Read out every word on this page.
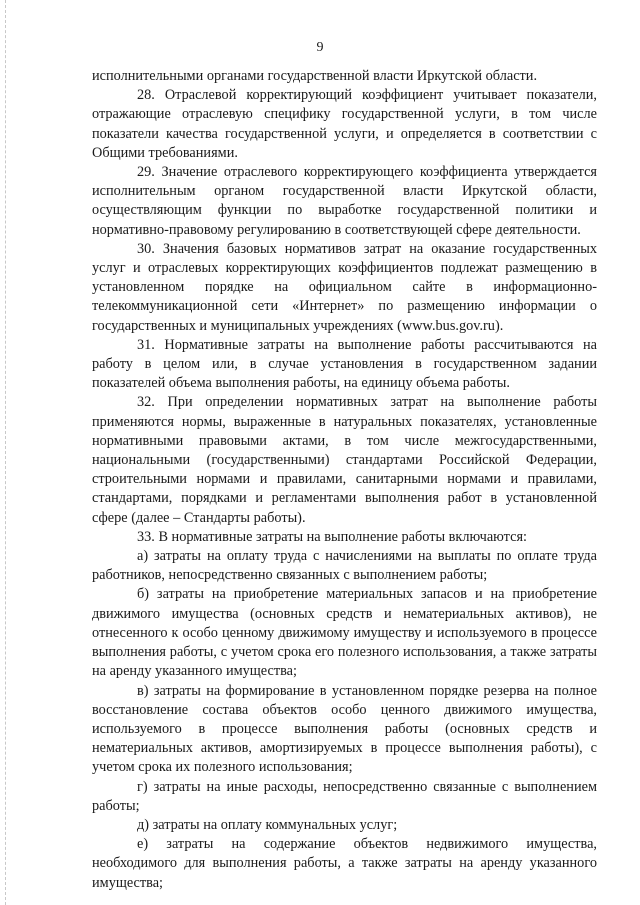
9

исполнительными органами государственной власти Иркутской области.

28. Отраслевой корректирующий коэффициент учитывает показатели, отражающие отраслевую специфику государственной услуги, в том числе показатели качества государственной услуги, и определяется в соответствии с Общими требованиями.

29. Значение отраслевого корректирующего коэффициента утверждается исполнительным органом государственной власти Иркутской области, осуществляющим функции по выработке государственной политики и нормативно-правовому регулированию в соответствующей сфере деятельности.

30. Значения базовых нормативов затрат на оказание государственных услуг и отраслевых корректирующих коэффициентов подлежат размещению в установленном порядке на официальном сайте в информационно-телекоммуникационной сети «Интернет» по размещению информации о государственных и муниципальных учреждениях (www.bus.gov.ru).

31. Нормативные затраты на выполнение работы рассчитываются на работу в целом или, в случае установления в государственном задании показателей объема выполнения работы, на единицу объема работы.

32. При определении нормативных затрат на выполнение работы применяются нормы, выраженные в натуральных показателях, установленные нормативными правовыми актами, в том числе межгосударственными, национальными (государственными) стандартами Российской Федерации, строительными нормами и правилами, санитарными нормами и правилами, стандартами, порядками и регламентами выполнения работ в установленной сфере (далее – Стандарты работы).

33. В нормативные затраты на выполнение работы включаются:

а) затраты на оплату труда с начислениями на выплаты по оплате труда работников, непосредственно связанных с выполнением работы;

б) затраты на приобретение материальных запасов и на приобретение движимого имущества (основных средств и нематериальных активов), не отнесенного к особо ценному движимому имуществу и используемого в процессе выполнения работы, с учетом срока его полезного использования, а также затраты на аренду указанного имущества;

в) затраты на формирование в установленном порядке резерва на полное восстановление состава объектов особо ценного движимого имущества, используемого в процессе выполнения работы (основных средств и нематериальных активов, амортизируемых в процессе выполнения работы), с учетом срока их полезного использования;

г) затраты на иные расходы, непосредственно связанные с выполнением работы;

д) затраты на оплату коммунальных услуг;

е) затраты на содержание объектов недвижимого имущества, необходимого для выполнения работы, а также затраты на аренду указанного имущества;
